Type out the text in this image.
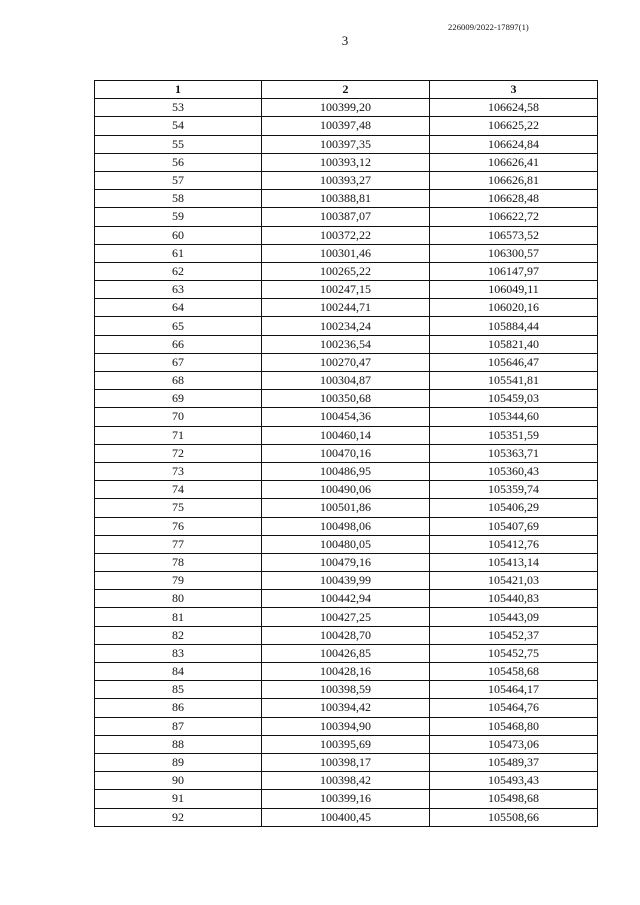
226009/2022-17897(1)
3
1	2	3
53	100399,20	106624,58
54	100397,48	106625,22
55	100397,35	106624,84
56	100393,12	106626,41
57	100393,27	106626,81
58	100388,81	106628,48
59	100387,07	106622,72
60	100372,22	106573,52
61	100301,46	106300,57
62	100265,22	106147,97
63	100247,15	106049,11
64	100244,71	106020,16
65	100234,24	105884,44
66	100236,54	105821,40
67	100270,47	105646,47
68	100304,87	105541,81
69	100350,68	105459,03
70	100454,36	105344,60
71	100460,14	105351,59
72	100470,16	105363,71
73	100486,95	105360,43
74	100490,06	105359,74
75	100501,86	105406,29
76	100498,06	105407,69
77	100480,05	105412,76
78	100479,16	105413,14
79	100439,99	105421,03
80	100442,94	105440,83
81	100427,25	105443,09
82	100428,70	105452,37
83	100426,85	105452,75
84	100428,16	105458,68
85	100398,59	105464,17
86	100394,42	105464,76
87	100394,90	105468,80
88	100395,69	105473,06
89	100398,17	105489,37
90	100398,42	105493,43
91	100399,16	105498,68
92	100400,45	105508,66
